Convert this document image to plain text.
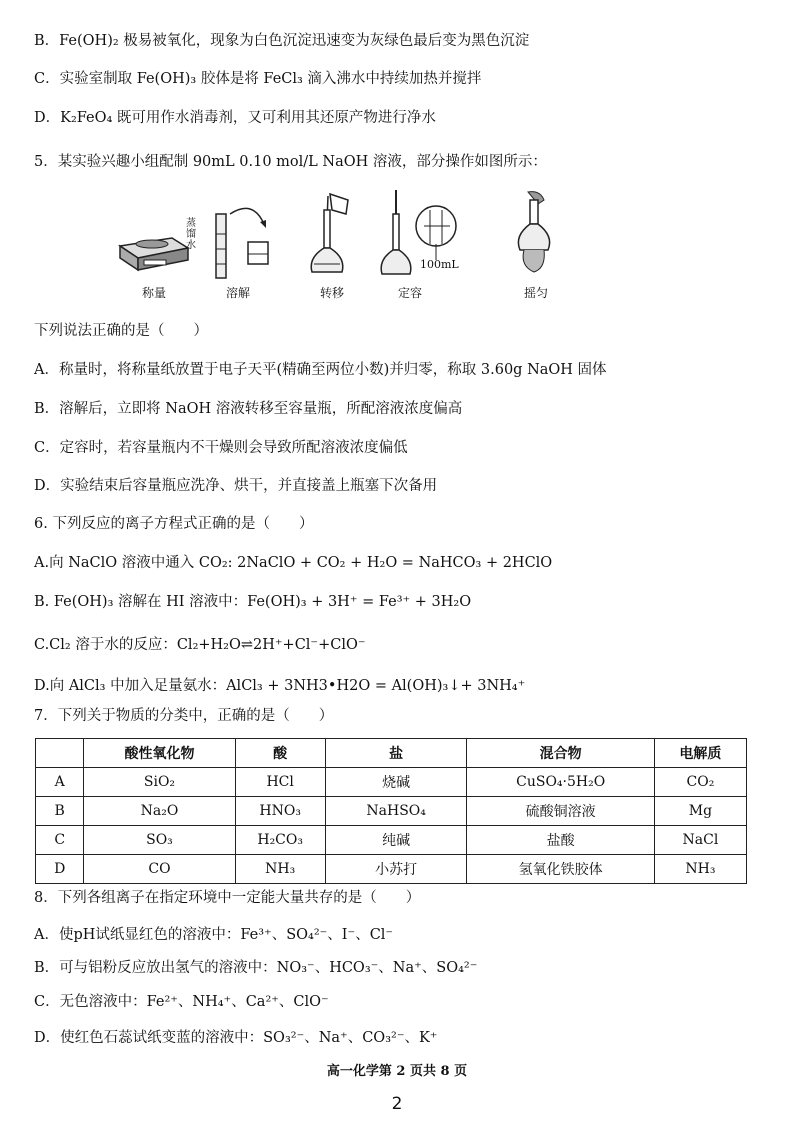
B．Fe(OH)₂ 极易被氧化，现象为白色沉淀迅速变为灰绿色最后变为黑色沉淀
C．实验室制取 Fe(OH)₃ 胶体是将 FeCl₃ 滴入沸水中持续加热并搅拌
D．K₂FeO₄ 既可用作水消毒剂，又可利用其还原产物进行净水
5．某实验兴趣小组配制 90mL 0.10 mol/L NaOH 溶液，部分操作如图所示：
蒸馏水
100mL
称量	溶解	转移	定容	摇匀
下列说法正确的是（　　）
A．称量时，将称量纸放置于电子天平(精确至两位小数)并归零，称取 3.60g NaOH 固体
B．溶解后，立即将 NaOH 溶液转移至容量瓶，所配溶液浓度偏高
C．定容时，若容量瓶内不干燥则会导致所配溶液浓度偏低
D．实验结束后容量瓶应洗净、烘干，并直接盖上瓶塞下次备用
6. 下列反应的离子方程式正确的是（　　）
A.向 NaClO 溶液中通入 CO₂: 2NaClO + CO₂ + H₂O = NaHCO₃ + 2HClO
B. Fe(OH)₃ 溶解在 HI 溶液中：Fe(OH)₃ + 3H⁺ = Fe³⁺ + 3H₂O
C.Cl₂ 溶于水的反应：Cl₂+H₂O⇌2H⁺+Cl⁻+ClO⁻
D.向 AlCl₃ 中加入足量氨水：AlCl₃ + 3NH3•H2O = Al(OH)₃↓+ 3NH₄⁺
7．下列关于物质的分类中，正确的是（　　）
	酸性氧化物	酸	盐	混合物	电解质
A	SiO₂	HCl	烧碱	CuSO₄·5H₂O	CO₂
B	Na₂O	HNO₃	NaHSO₄	硫酸铜溶液	Mg
C	SO₃	H₂CO₃	纯碱	盐酸	NaCl
D	CO	NH₃	小苏打	氢氧化铁胶体	NH₃
8．下列各组离子在指定环境中一定能大量共存的是（　　）
A．使pH试纸显红色的溶液中：Fe³⁺、SO₄²⁻、I⁻、Cl⁻
B．可与铝粉反应放出氢气的溶液中：NO₃⁻、HCO₃⁻、Na⁺、SO₄²⁻
C．无色溶液中：Fe²⁺、NH₄⁺、Ca²⁺、ClO⁻
D．使红色石蕊试纸变蓝的溶液中：SO₃²⁻、Na⁺、CO₃²⁻、K⁺
高一化学第 2 页共 8 页
2
